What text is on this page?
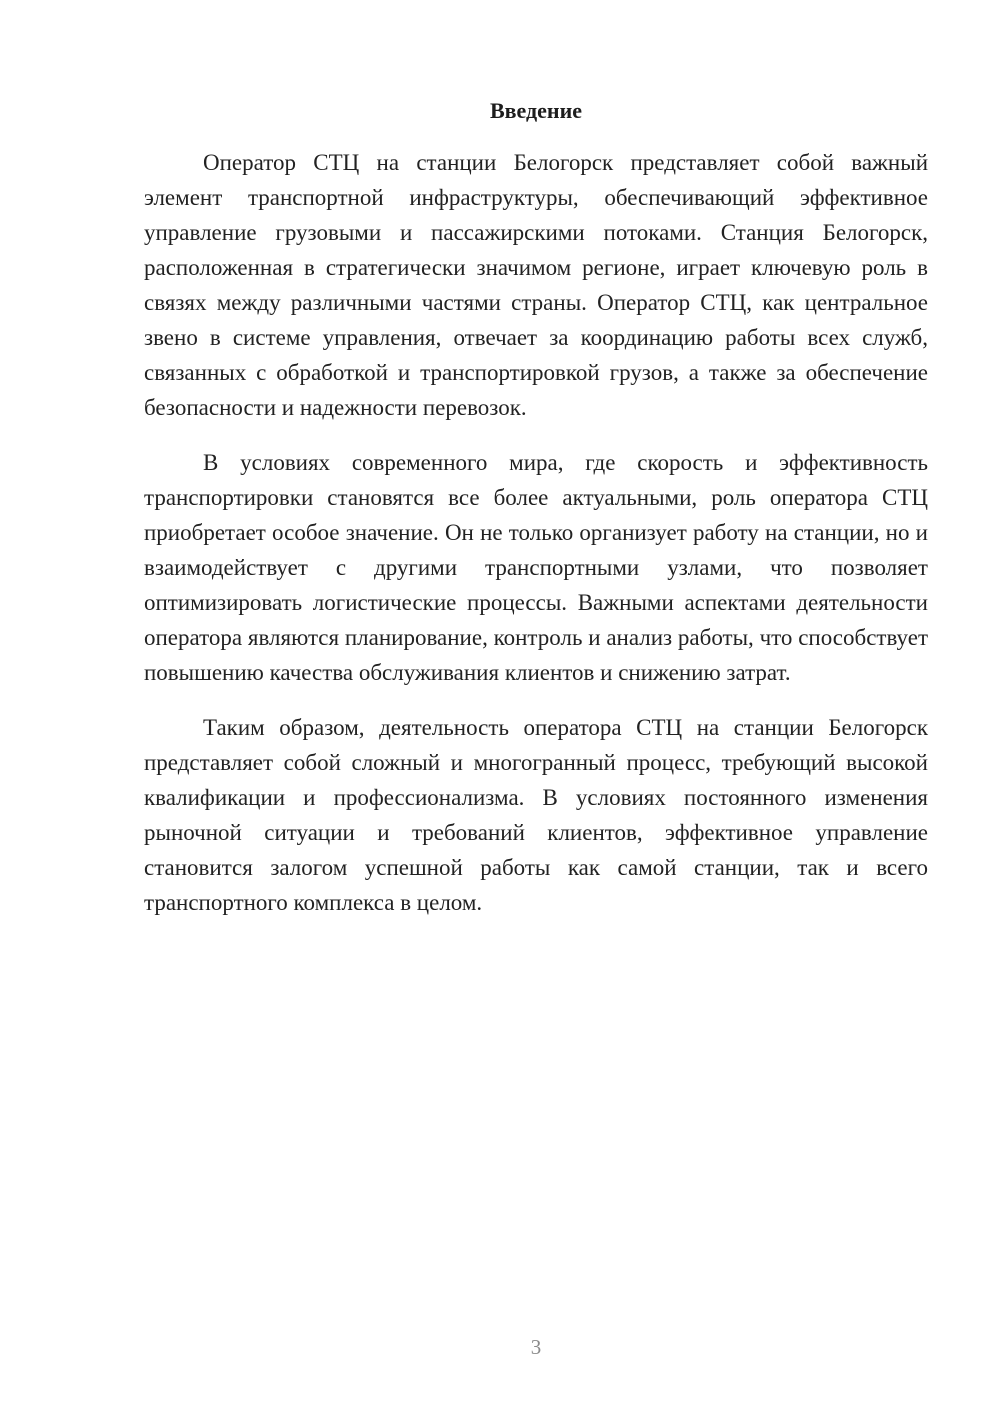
Введение

Оператор СТЦ на станции Белогорск представляет собой важный элемент транспортной инфраструктуры, обеспечивающий эффективное управление грузовыми и пассажирскими потоками. Станция Белогорск, расположенная в стратегически значимом регионе, играет ключевую роль в связях между различными частями страны. Оператор СТЦ, как центральное звено в системе управления, отвечает за координацию работы всех служб, связанных с обработкой и транспортировкой грузов, а также за обеспечение безопасности и надежности перевозок.

В условиях современного мира, где скорость и эффективность транспортировки становятся все более актуальными, роль оператора СТЦ приобретает особое значение. Он не только организует работу на станции, но и взаимодействует с другими транспортными узлами, что позволяет оптимизировать логистические процессы. Важными аспектами деятельности оператора являются планирование, контроль и анализ работы, что способствует повышению качества обслуживания клиентов и снижению затрат.

Таким образом, деятельность оператора СТЦ на станции Белогорск представляет собой сложный и многогранный процесс, требующий высокой квалификации и профессионализма. В условиях постоянного изменения рыночной ситуации и требований клиентов, эффективное управление становится залогом успешной работы как самой станции, так и всего транспортного комплекса в целом.

3
